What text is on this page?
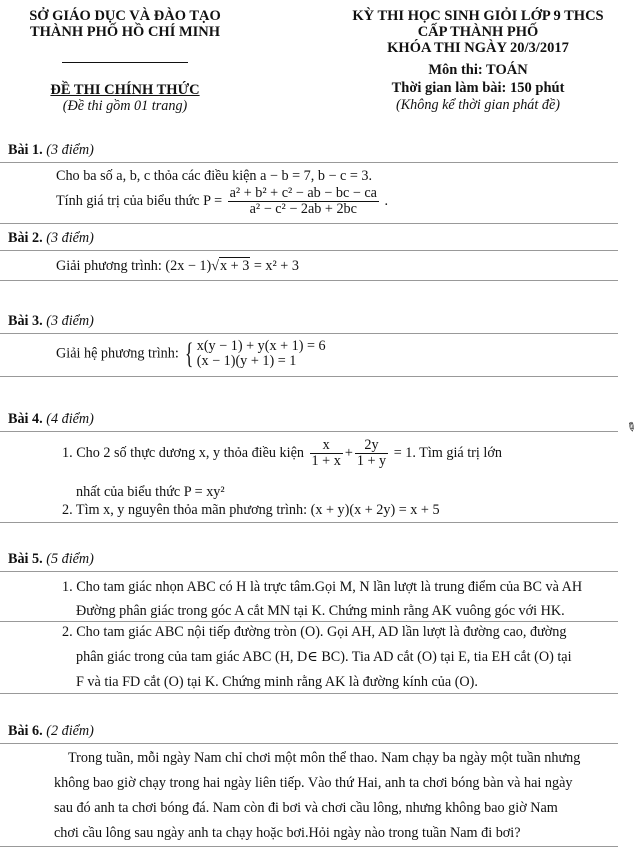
SỞ GIÁO DỤC VÀ ĐÀO TẠO
THÀNH PHỐ HỒ CHÍ MINH
ĐỀ THI CHÍNH THỨC
(Đề thi gồm 01 trang)
KỲ THI HỌC SINH GIỎI LỚP 9 THCS
CẤP THÀNH PHỐ
KHÓA THI NGÀY 20/3/2017
Môn thi: TOÁN
Thời gian làm bài: 150 phút
(Không kể thời gian phát đề)
Bài 1. (3 điểm)
Cho ba số a, b, c thỏa các điều kiện a − b = 7, b − c = 3.
Tính giá trị của biểu thức $P = \frac{\text{a² + b² + c² − ab − bc − ca}}{\text{a² − c² − 2ab + 2bc}}$ .
Bài 2. (3 điểm)
Giải phương trình: (2x − 1)√x + 3 = x² + 3
Bài 3. (3 điểm)
Giải hệ phương trình: { x(y − 1) + y(x + 1) = 6
(x − 1)(y + 1) = 1
Bài 4. (4 điểm)
1. Cho 2 số thực dương x, y thỏa điều kiện $\frac{x}{1 + x} + \frac{2y}{1 + y} = 1$. Tìm giá trị lớn
nhất của biểu thức P = xy²
2. Tìm x, y nguyên thỏa mãn phương trình: (x + y)(x + 2y) = x + 5
Bài 5. (5 điểm)
1. Cho tam giác nhọn ABC có H là trực tâm.Gọi M, N lần lượt là trung điểm của BC và AH
Đường phân giác trong góc A cắt MN tại K. Chứng minh rằng AK vuông góc với HK.
2. Cho tam giác ABC nội tiếp đường tròn (O). Gọi AH, AD lần lượt là đường cao, đường
phân giác trong của tam giác ABC (H, D∈ BC). Tia AD cắt (O) tại E, tia EH cắt (O) tại
F và tia FD cắt (O) tại K. Chứng minh rằng AK là đường kính của (O).
Bài 6. (2 điểm)
Trong tuần, mỗi ngày Nam chỉ chơi một môn thể thao. Nam chạy ba ngày một tuần nhưng
không bao giờ chạy trong hai ngày liên tiếp. Vào thứ Hai, anh ta chơi bóng bàn và hai ngày
sau đó anh ta chơi bóng đá. Nam còn đi bơi và chơi cầu lông, nhưng không bao giờ Nam
chơi cầu lông sau ngày anh ta chạy hoặc bơi.Hỏi ngày nào trong tuần Nam đi bơi?
✎
